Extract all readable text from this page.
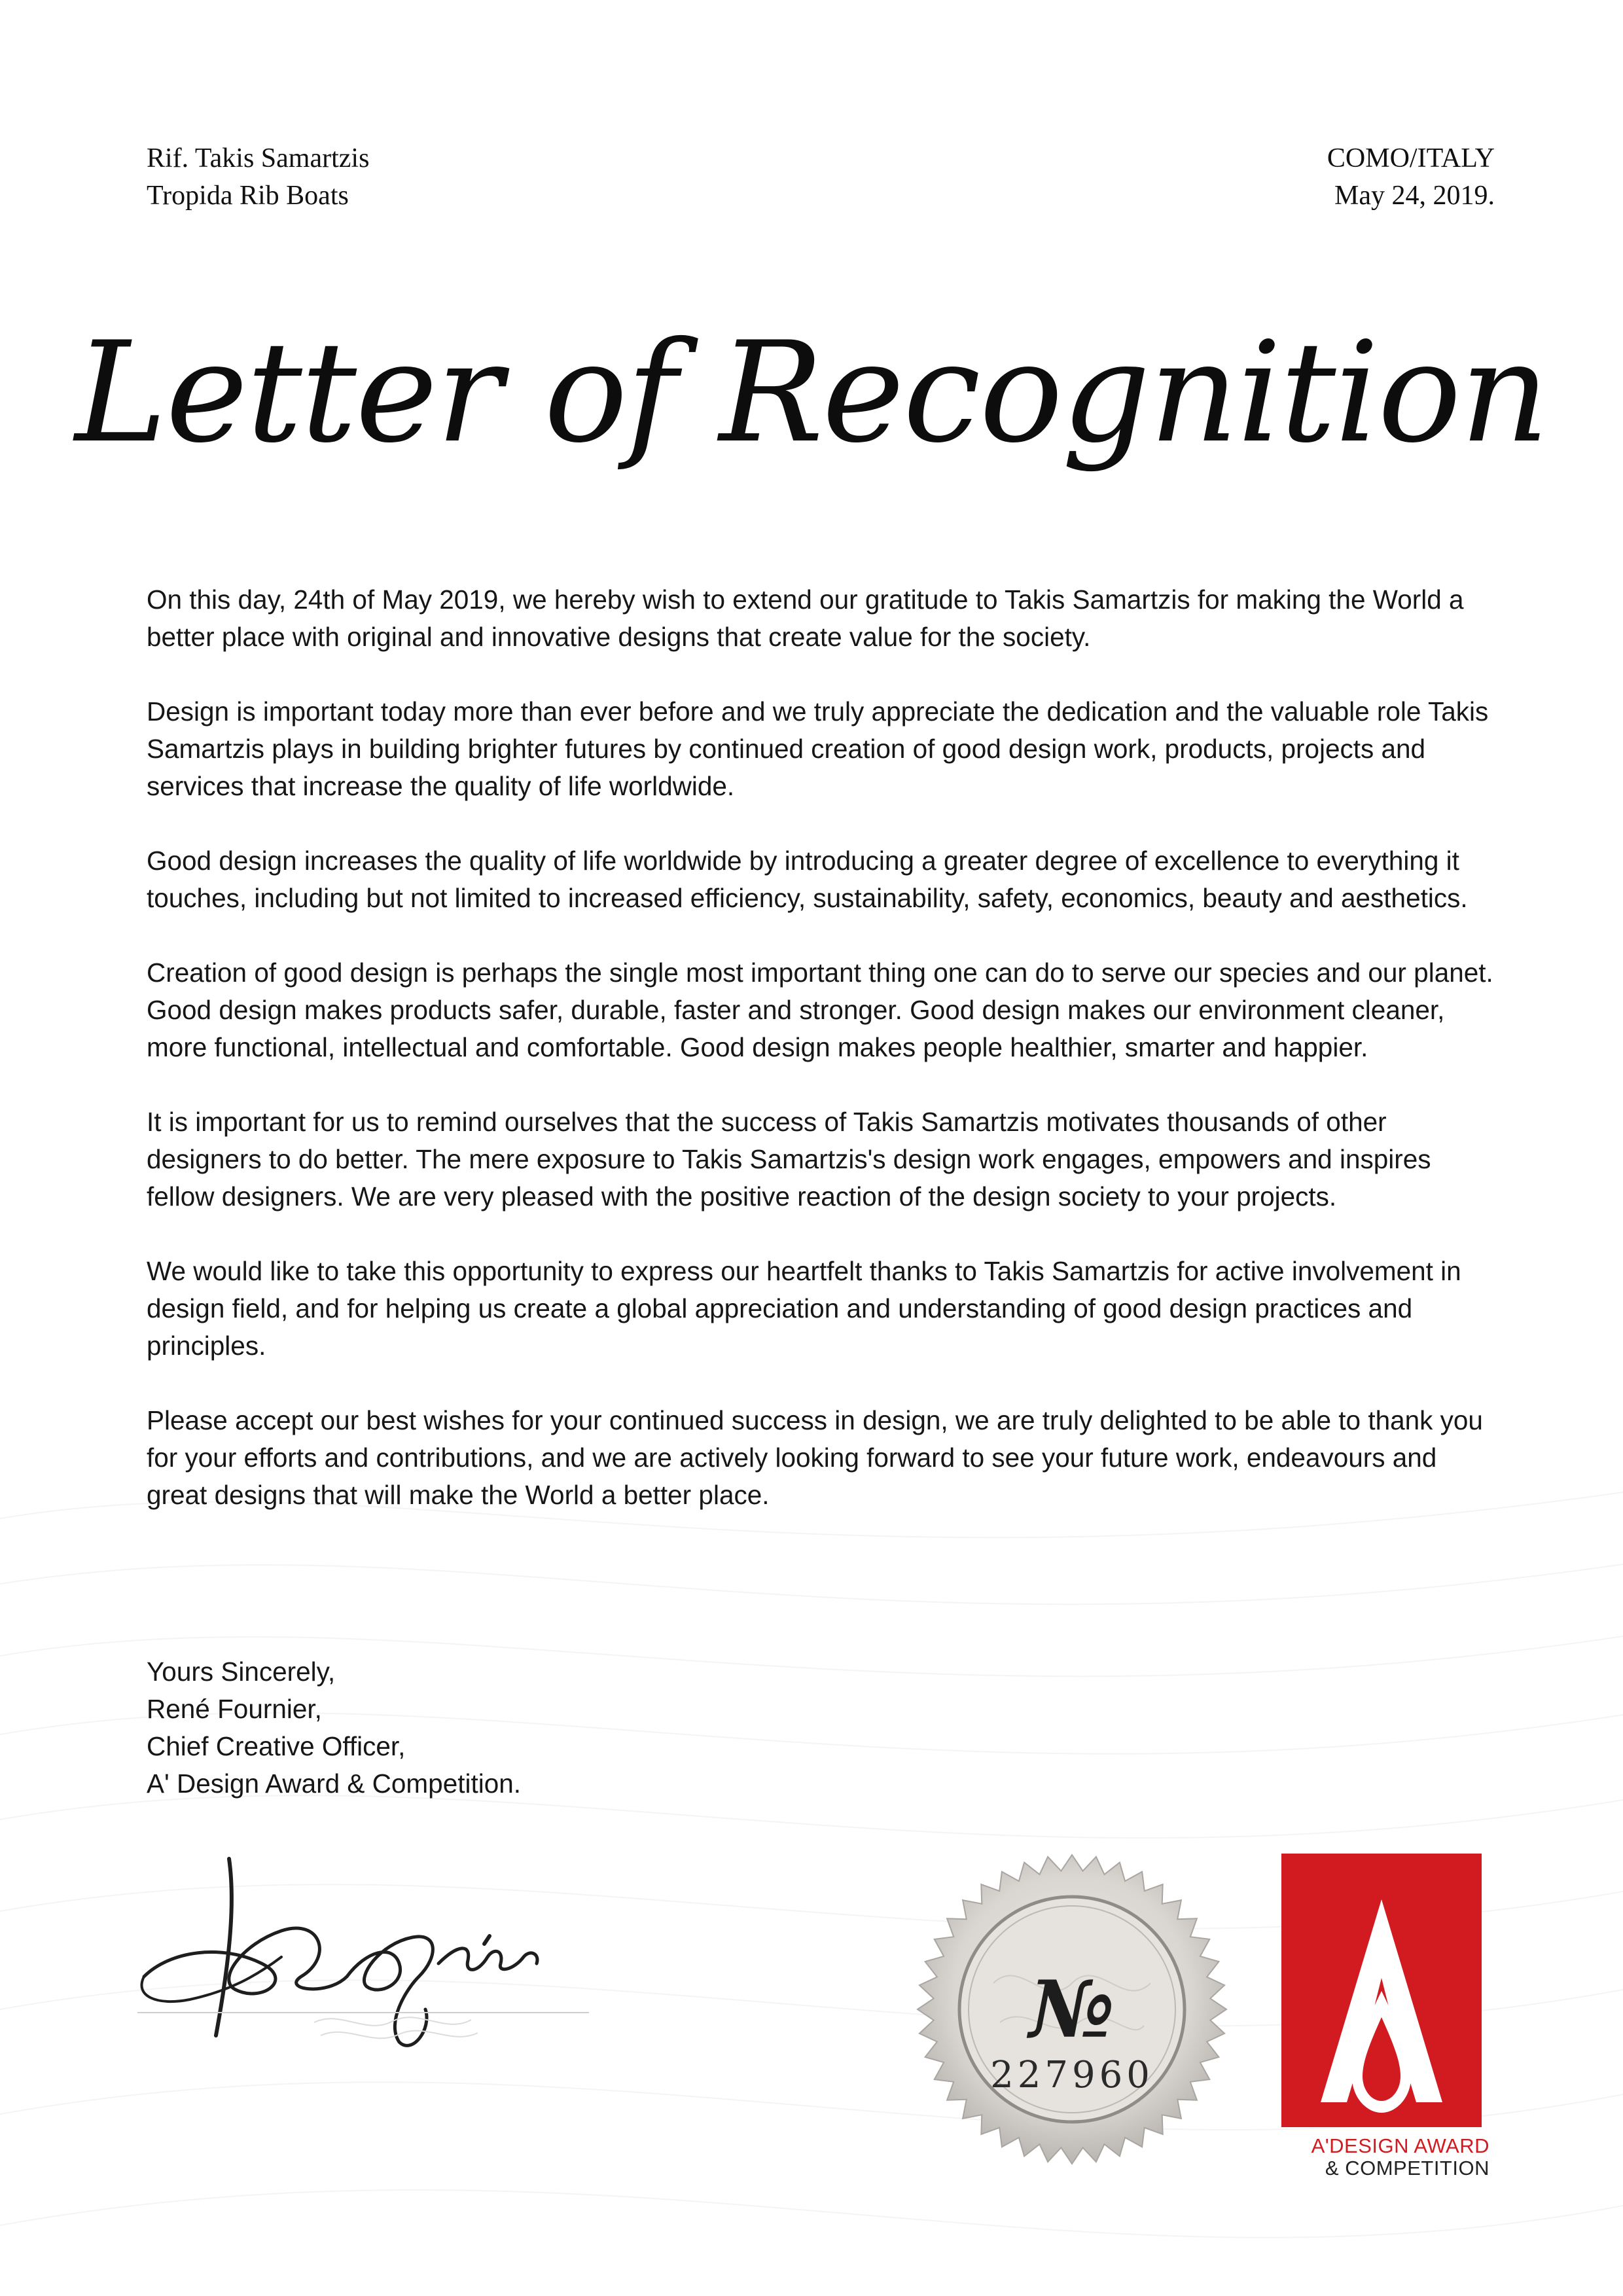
Rif. Takis Samartzis
Tropida Rib Boats
COMO/ITALY
May 24, 2019.
Letter of Recognition

On this day, 24th of May 2019, we hereby wish to extend our gratitude to Takis Samartzis for making the World a better place with original and innovative designs that create value for the society.

Design is important today more than ever before and we truly appreciate the dedication and the valuable role Takis Samartzis plays in building brighter futures by continued creation of good design work, products, projects and services that increase the quality of life worldwide.

Good design increases the quality of life worldwide by introducing a greater degree of excellence to everything it touches, including but not limited to increased efficiency, sustainability, safety, economics, beauty and aesthetics.

Creation of good design is perhaps the single most important thing one can do to serve our species and our planet. Good design makes products safer, durable, faster and stronger. Good design makes our environment cleaner, more functional, intellectual and comfortable. Good design makes people healthier, smarter and happier.

It is important for us to remind ourselves that the success of Takis Samartzis motivates thousands of other designers to do better. The mere exposure to Takis Samartzis's design work engages, empowers and inspires fellow designers. We are very pleased with the positive reaction of the design society to your projects.

We would like to take this opportunity to express our heartfelt thanks to Takis Samartzis for active involvement in design field, and for helping us create a global appreciation and understanding of good design practices and principles.

Please accept our best wishes for your continued success in design, we are truly delighted to be able to thank you for your efforts and contributions, and we are actively looking forward to see your future work, endeavours and great designs that will make the World a better place.

Yours Sincerely,
René Fournier,
Chief Creative Officer,
A' Design Award & Competition.
№
227960
A'DESIGN AWARD
& COMPETITION
